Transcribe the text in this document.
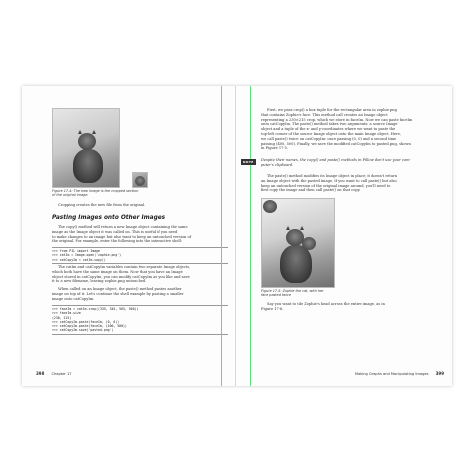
Figure 17-4: The new image is the cropped section
of the original image.
Cropping creates the new file from the original.
Pasting Images onto Other Images
The copy() method will return a new Image object containing the same
image as the Image object it was called on. This is useful if you need
to make changes to an image but also want to keep an untouched version of
the original. For example, enter the following into the interactive shell:
>>> from PIL import Image
>>> catIm = Image.open('zophie.png')
>>> catCopyIm = catIm.copy()
The catIm and catCopyIm variables contain two separate Image objects,
which both have the same image on them. Now that you have an Image
object stored in catCopyIm, you can modify catCopyIm as you like and save
it to a new filename, leaving zophie.png untouched.
When called on an Image object, the paste() method pastes another
image on top of it. Let's continue the shell example by pasting a smaller
image onto catCopyIm.
>>> faceIm = catIm.crop((335, 345, 565, 560))
>>> faceIm.size
(230, 215)
>>> catCopyIm.paste(faceIm, (0, 0))
>>> catCopyIm.paste(faceIm, (400, 500))
>>> catCopyIm.save('pasted.png')
398 Chapter 17
First, we pass crop() a box tuple for the rectangular area in zophie.png
that contains Zophie's face. This method call creates an Image object
representing a 230×215 crop, which we store in faceIm. Now we can paste faceIm
onto catCopyIm. The paste() method takes two arguments: a source Image
object and a tuple of the x- and y-coordinates where we want to paste the
top-left corner of the source Image object onto the main Image object. Here,
we call paste() twice on catCopyIm: once passing (0, 0) and a second time
passing (400, 500). Finally, we save the modified catCopyIm to pasted.png, shown
in Figure 17-5.
NOTE	Despite their names, the copy() and paste() methods in Pillow don't use your com-
puter's clipboard.
The paste() method modifies its Image object in place; it doesn't return
an Image object with the pasted image. If you want to call paste() but also
keep an untouched version of the original image around, you'll need to
first copy the image and then call paste() on that copy.
Figure 17-5: Zophie the cat, with her
face pasted twice
Say you want to tile Zophie's head across the entire image, as in
Figure 17-6.
Making Graphs and Manipulating Images 399
